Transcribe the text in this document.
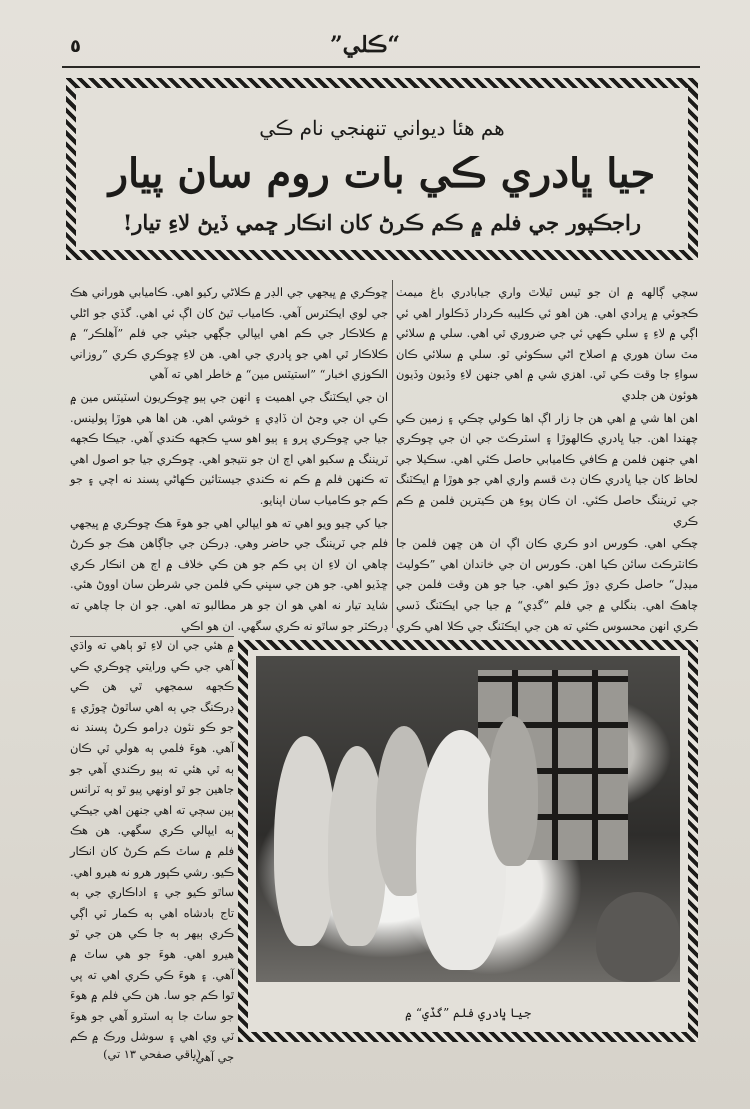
٥	”ڪلي“
هم هئا ديواني تنهنجي نام ڪي
جيا ڀادري ڪي بات روم سان پيار
راجڪپور جي فلم ۾ ڪم ڪرڻ کان انڪار ڇمي ڏيڻ لاءِ تيار!

سچي ڳالهه ۾ ان جو ٿيس ٿيلاٿ واري جيابادري باغ ميمٺ ڪجوئي ۾ ڀرادي اهي. هن اهو ئي ڪليبه ڪردار ڏڪلوار اهي ئي اڳي ۾ لاءِ ۽ سلي ڪهي ئي جي ضروري ٿي اهي. سلي ۾ سلائي مٿ سان هوري ۾ اصلاح اڻي سڪوئي ٿو. سلي ۾ سلائي ڪان سواءِ جا وقت ڪي ٿي. اهزي شي ۾ اهي جنهن لاءِ وڏيون وڏيون هوئون هن جلدي

اهن اها شي ۾ اهي هن جا زار اڳ اها ڪولي چڪي ۽ زمين ڪي چهندا اهن. جيا ڀادري ڪالهوڙا ۽ اسٽرڪٽ جي ان جي ڇوڪري اهي جنهن فلمن ۾ ڪافي ڪاميابي حاصل ڪئي اهي. سڪيلا جي لحاظ کان جيا ڀادري ڪان ڊٽ قسم واري اهي جو هوڙا ۾ ايڪٽنگ جي ٽريننگ حاصل ڪئي. ان ڪان پوءِ هن ڪيترين فلمن ۾ ڪم ڪري

چڪي اهي. ڪورس ادو ڪري ڪان اڳ ان هن ڇهن فلمن جا ڪانٽرڪٽ سائن ڪيا اهن. ڪورس ان جي خاندان اهي ”ڪوليٽ ميڊل“ حاصل ڪري ڊوڙ ڪيو اهي. جيا جو هن وقت فلمن جي چاهڪ اهي. بنگلي ۾ جي فلم ”گڊي“ ۾ جيا جي ايڪٽنگ ڏسي ڪري انهن محسوس ڪئي ته هن جي ايڪٽنگ جي ڪلا اهي ڪري

ڇوڪري ۾ ڀيجهي جي الڊر ۾ ڪلاڻي رکيو اهي. ڪاميابي هوراني هڪ جي لوي ايڪٽرس آهي. ڪامياب ٿيڻ کان اڳ ئي اهي. گڏي جو اڻلي ۾ ڪلاڪار جي ڪم اهي ايپالي جڳهي جيئي جي فلم ”آهلڪر“ ۾ ڪلاڪار ٿي اهي جو ڀادري جي اهي. هن لاءِ ڇوڪري ڪري ”روزاني الڪوزي اخبار“ ”استيٽس مين“ ۾ خاطر اهي ته آهي

ان جي ايڪٽنگ جي اهميت ۽ انهن جي ٻيو ڇوڪريون اسٽيٽس مين ۾ ڪي ان جي وڃڻ ان ڏاڍي ۽ خوشي اهي. هن اها هي هوڙا پولينس. جيا جي ڇوڪري پرو ۽ ٻيو اهو سڀ ڪجهه ڪندي آهي. جيڪا ڪجهه ٽريننگ ۾ سکيو اهي اڄ ان جو نتيجو اهي. ڇوڪري جيا جو اصول اهي ته ڪنهن فلم ۾ ڪم نه ڪندي جيستائين ڪهاڻي پسند نه اچي ۽ جو ڪم جو ڪامياب سان اپنايو.

جيا کي چيو ويو اهي ته هو ايپالي اهي جو هوءَ هڪ ڇوڪري ۾ ڀيجهي فلم جي ٽريننگ جي حاضر وهي. ڊرڪن جي جاڳاهن هڪ جو ڪرڻ چاهي ان لاءِ ان ٻي ڪم جو هن ڪي خلاف ۾ اڄ هن انڪار ڪري ڇڏيو اهي. جو هن جي سڀني ڪي فلمن جي شرطن سان اووڻ هئي. شايد تيار نه اهي هو ان جو هر مطالبو ته اهي. جو ان جا چاهي ته ڊرڪٽر جو ساٿو نه ڪري سگهي. ان هو اڪي

۾ هئي جي ان لاءِ ٿو ٻاهي ته واڌي آهي جي ڪي ورايتي ڇوڪري ڪي ڪجهه سمجهي ٿي هن ڪي ڊرڪنگ جي ٻه اهي ساٿوڻ ڇوڙي ۽ جو ڪو نئون ڊرامو ڪرڻ پسند نه آهي. هوءَ فلمي ٻه هولي ٿي ڪان ٻه ٿي هئي ته ٻيو رڪندي آهي جو جاهين جو ٿو اونهي پيو ٿو ٻه ٽرانس ٻين سڄي ته اهي جنهن اهي جيڪي ٻه ايپالي ڪري سگهي. هن هڪ فلم ۾ ساٿ ڪم ڪرڻ کان انڪار ڪيو. رشي ڪپور هرو نه هيرو اهي. ساٿو ڪيو جي ۽ اداڪاري جي ٻه تاج بادشاه اهي ٻه ڪمار ٽي اڳي ڪري ٻيهر ٻه جا ڪي هن جي ٿو هيرو اهي. هوءَ جو هي ساٿ ۾ آهي. ۽ هوءَ ڪي ڪري اهي ته پي ٿوا ڪم جو سا. هن ڪي فلم ۾ هوءَ جو ساٿ جا ٻه اسٽرو آهي جو هوءَ ٽي وي اهي ۽ سوشل ورڪ ۾ ڪم جي آهي.

(باقي صفحي ١٣ تي)
جيا ڀادري فلم ”گڏي“ ۾
